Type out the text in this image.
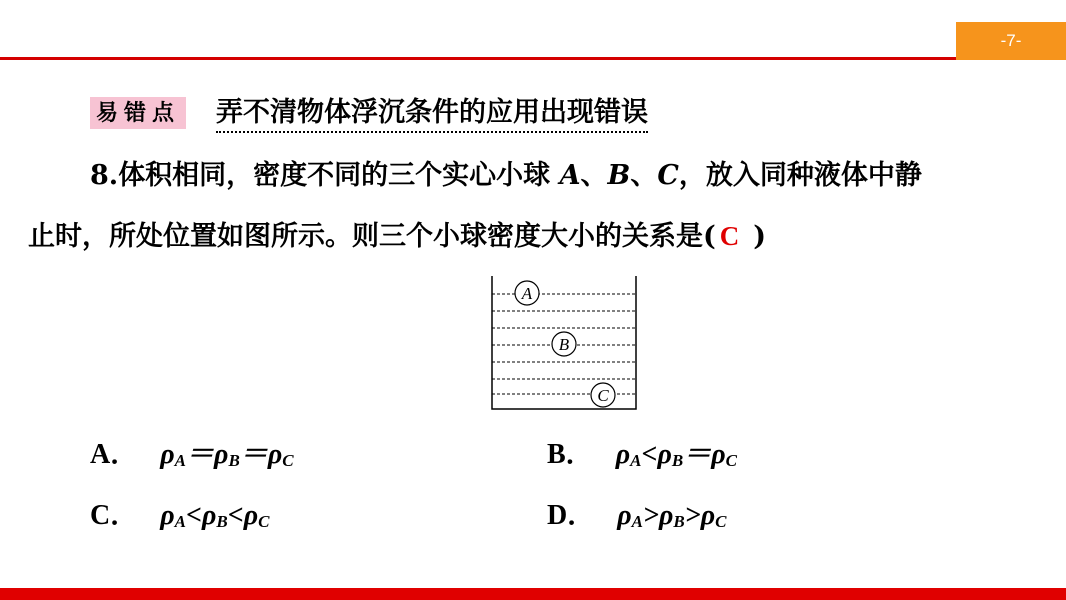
-7-
易错点 弄不清物体浮沉条件的应用出现错误
8.体积相同，密度不同的三个实心小球 A、B、C，放入同种液体中静
止时，所处位置如图所示。则三个小球密度大小的关系是( C )
A
B
C
A． $\rho_A=\rho_B=\rho_C$	B． $\rho_A<\rho_B=\rho_C$
C． $\rho_A<\rho_B<\rho_C$	D． $\rho_A>\rho_B>\rho_C$
